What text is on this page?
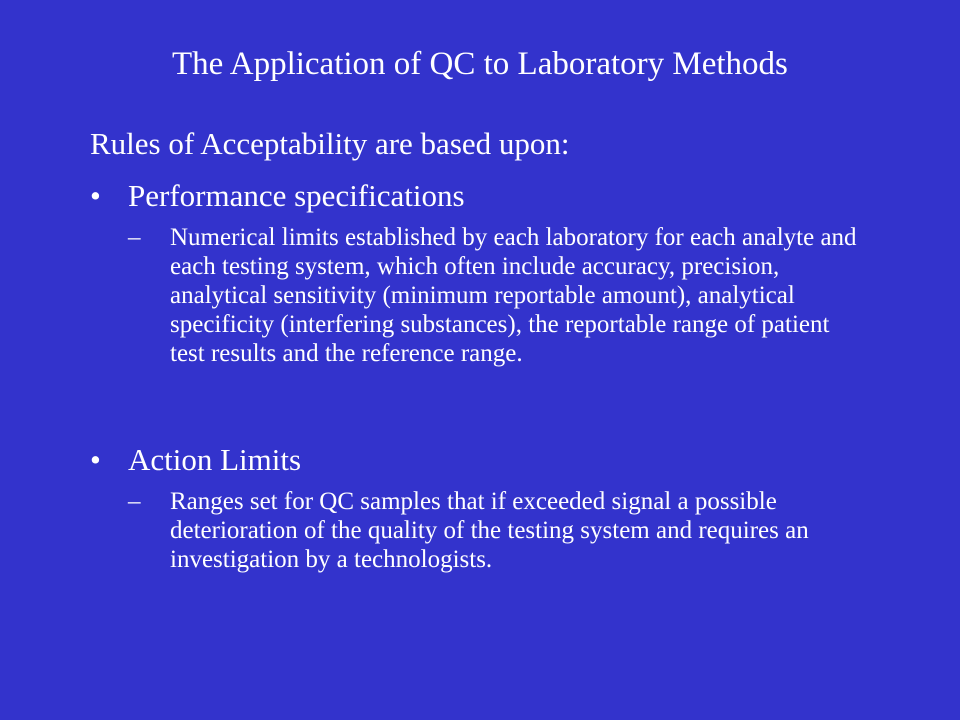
The Application of QC to Laboratory Methods
Rules of Acceptability are based upon:
• Performance specifications
– Numerical limits established by each laboratory for each analyte and each testing system, which often include accuracy, precision, analytical sensitivity (minimum reportable amount), analytical specificity (interfering substances), the reportable range of patient test results and the reference range.
• Action Limits
– Ranges set for QC samples that if exceeded signal a possible deterioration of the quality of the testing system and requires an investigation by a technologists.
